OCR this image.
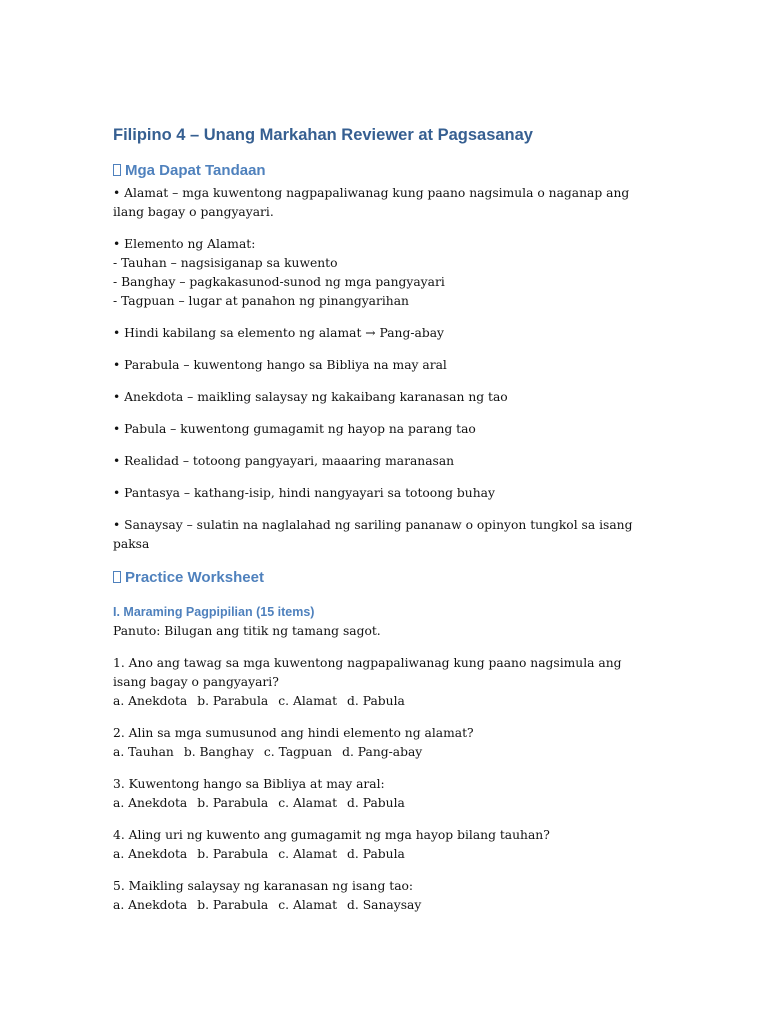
Filipino 4 – Unang Markahan Reviewer at Pagsasanay
Mga Dapat Tandaan

• Alamat – mga kuwentong nagpapaliwanag kung paano nagsimula o naganap ang ilang bagay o pangyayari.

• Elemento ng Alamat:
- Tauhan – nagsisiganap sa kuwento
- Banghay – pagkakasunod-sunod ng mga pangyayari
- Tagpuan – lugar at panahon ng pinangyarihan

• Hindi kabilang sa elemento ng alamat → Pang-abay

• Parabula – kuwentong hango sa Bibliya na may aral

• Anekdota – maikling salaysay ng kakaibang karanasan ng tao

• Pabula – kuwentong gumagamit ng hayop na parang tao

• Realidad – totoong pangyayari, maaaring maranasan

• Pantasya – kathang-isip, hindi nangyayari sa totoong buhay

• Sanaysay – sulatin na naglalahad ng sariling pananaw o opinyon tungkol sa isang paksa

Practice Worksheet
I. Maraming Pagpipilian (15 items)

Panuto: Bilugan ang titik ng tamang sagot.

1. Ano ang tawag sa mga kuwentong nagpapaliwanag kung paano nagsimula ang isang bagay o pangyayari?
a. Anekdota b. Parabula c. Alamat d. Pabula
2. Alin sa mga sumusunod ang hindi elemento ng alamat?
a. Tauhan b. Banghay c. Tagpuan d. Pang-abay
3. Kuwentong hango sa Bibliya at may aral:
a. Anekdota b. Parabula c. Alamat d. Pabula
4. Aling uri ng kuwento ang gumagamit ng mga hayop bilang tauhan?
a. Anekdota b. Parabula c. Alamat d. Pabula
5. Maikling salaysay ng karanasan ng isang tao:
a. Anekdota b. Parabula c. Alamat d. Sanaysay
